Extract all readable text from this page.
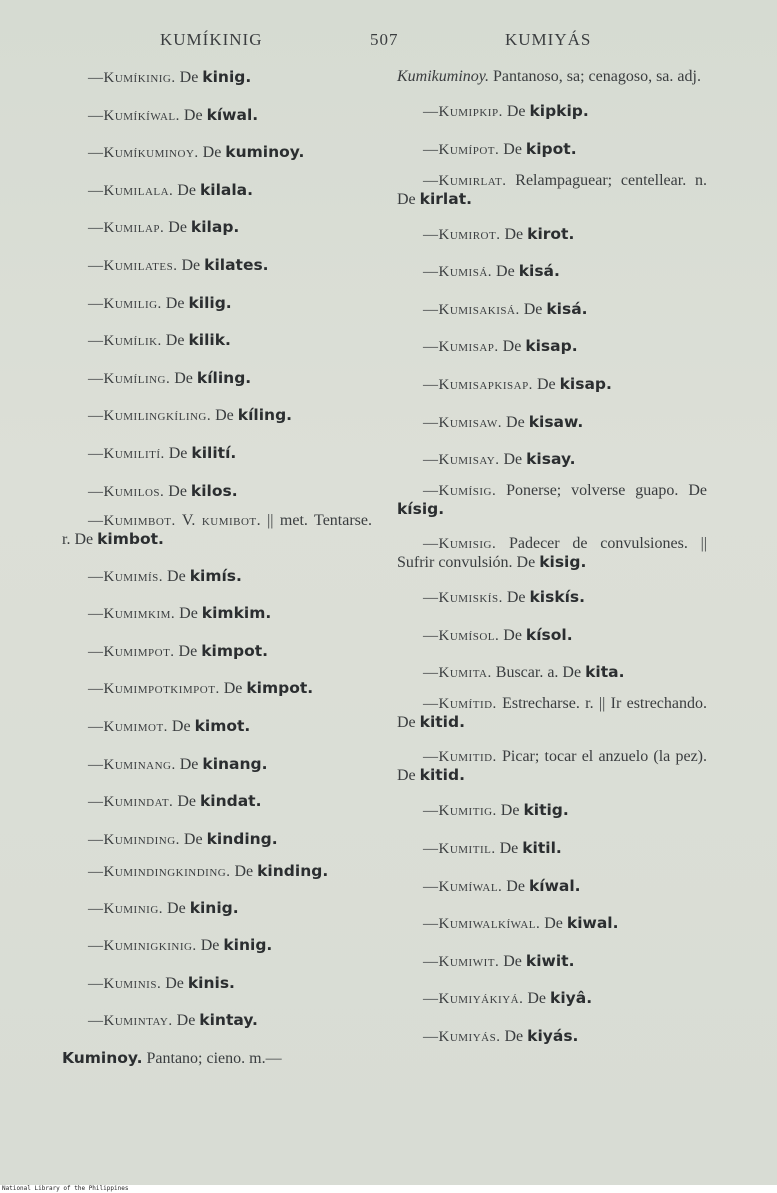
KUMÍKINIG	507	KUMIYÁS
—Kumíkinig. De kinig.
—Kumíkíwal. De kíwal.
—Kumíkuminoy. De kuminoy.
—Kumilala. De kilala.
—Kumilap. De kilap.
—Kumilates. De kilates.
—Kumilig. De kilig.
—Kumílik. De kilik.
—Kumíling. De kíling.
—Kumilingkíling. De kíling.
—Kumilití. De kilití.
—Kumilos. De kilos.
—Kumimbot. V. kumibot. || met. Tentarse. r. De kimbot.
—Kumimís. De kimís.
—Kumimkim. De kimkim.
—Kumimpot. De kimpot.
—Kumimpotkimpot. De kimpot.
—Kumimot. De kimot.
—Kuminang. De kinang.
—Kumindat. De kindat.
—Kuminding. De kinding.
—Kumindingkinding. De kinding.
—Kuminig. De kinig.
—Kuminigkinig. De kinig.
—Kuminis. De kinis.
—Kumintay. De kintay.
Kuminoy. Pantano; cieno. m.—
Kumikuminoy. Pantanoso, sa; cenagoso, sa. adj.
—Kumipkip. De kipkip.
—Kumípot. De kipot.
—Kumirlat. Relampaguear; centellear. n. De kirlat.
—Kumirot. De kirot.
—Kumisá. De kisá.
—Kumisakisá. De kisá.
—Kumisap. De kisap.
—Kumisapkisap. De kisap.
—Kumisaw. De kisaw.
—Kumisay. De kisay.
—Kumísig. Ponerse; volverse guapo. De kísig.
—Kumisig. Padecer de convulsiones. || Sufrir convulsión. De kisig.
—Kumiskís. De kiskís.
—Kumísol. De kísol.
—Kumita. Buscar. a. De kita.
—Kumítid. Estrecharse. r. || Ir estrechando. De kitid.
—Kumitid. Picar; tocar el anzuelo (la pez). De kitid.
—Kumitig. De kitig.
—Kumitil. De kitil.
—Kumíwal. De kíwal.
—Kumiwalkíwal. De kiwal.
—Kumiwit. De kiwit.
—Kumiyákiyá. De kiyâ.
—Kumiyás. De kiyás.
National Library of the Philippines
